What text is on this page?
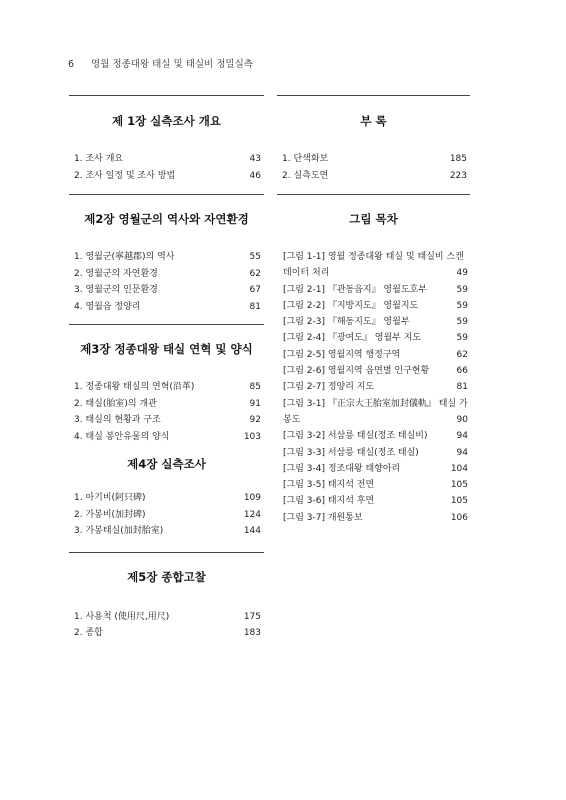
6 영월 정종대왕 태실 및 태실비 정밀실측
제 1장 실측조사 개요
1. 조사 개요	43
2. 조사 일정 및 조사 방법	46
제2장 영월군의 역사와 자연환경
1. 영월군(寧越郡)의 역사	55
2. 영월군의 자연환경	62
3. 영월군의 인문환경	67
4. 영월읍 정양리	81
제3장 정종대왕 태실 연혁 및 양식
1. 정종대왕 태실의 연혁(沿革)	85
2. 태실(胎室)의 개관	91
3. 태실의 현황과 구조	92
4. 태실 봉안유물의 양식	103
제4장 실측조사
1. 아기비(阿只碑)	109
2. 가봉비(加封碑)	124
3. 가봉태실(加封胎室)	144
제5장 종합고찰
1. 사용척 (使用尺,用尺)	175
2. 종합	183
부 록
1. 단색화보	185
2. 실측도면	223
그림 목차
[그림 1-1] 영월 정종대왕 태실 및 태실비 스캔
데이터 처리	49
[그림 2-1] 『관동읍지』 영월도호부	59
[그림 2-2] 『지방지도』 영월지도	59
[그림 2-3] 『해동지도』 영월부	59
[그림 2-4] 『광여도』 영월부 지도	59
[그림 2-5] 영월지역 행정구역	62
[그림 2-6] 영월지역 읍면별 인구현황	66
[그림 2-7] 정양리 지도	81
[그림 3-1] 『正宗大王胎室加封儀軌』 태실 가
봉도	90
[그림 3-2] 서삼릉 태실(정조 태실비)	94
[그림 3-3] 서삼릉 태실(정조 태실)	94
[그림 3-4] 정조대왕 태향아리	104
[그림 3-5] 태지석 전면	105
[그림 3-6] 태지석 후면	105
[그림 3-7] 개원통보	106
